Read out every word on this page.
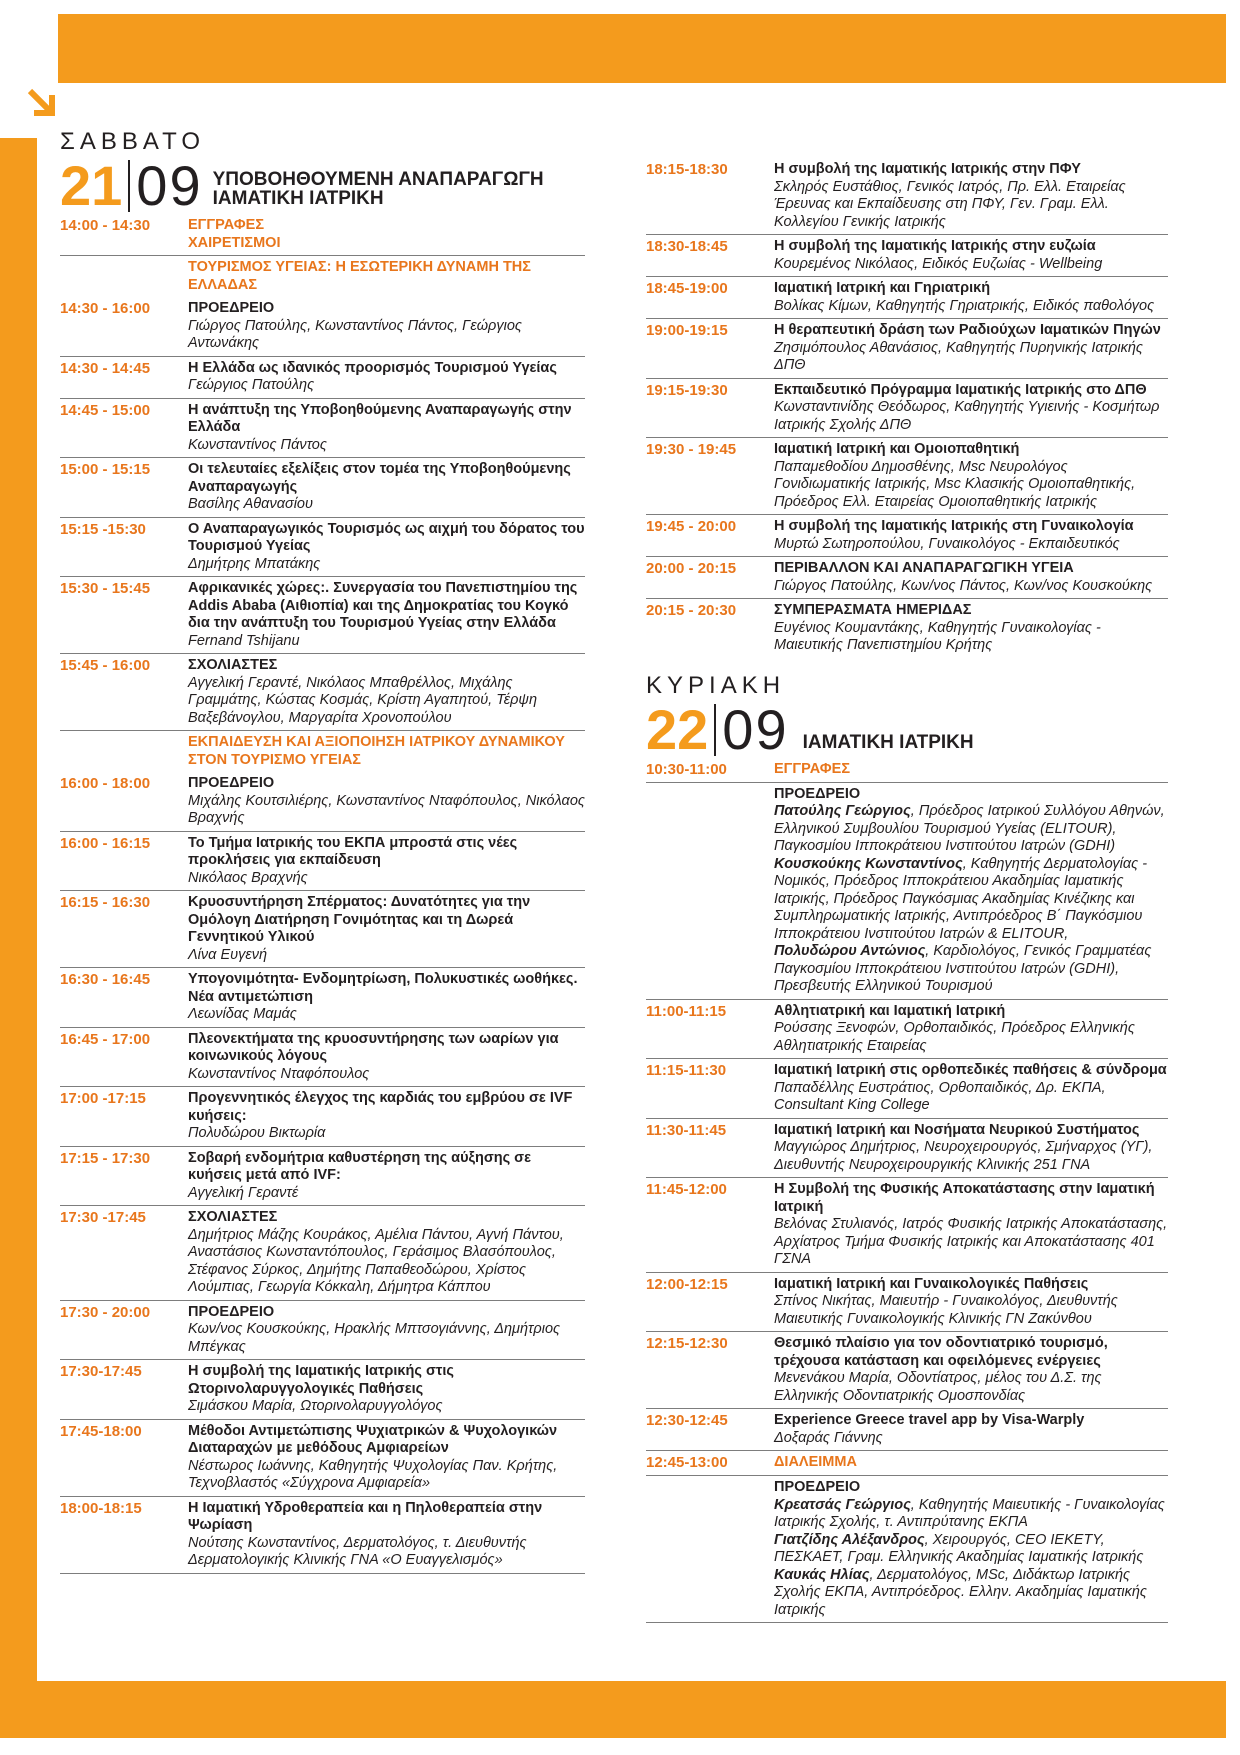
ΣΑΒΒΑΤΟ
21 09 ΥΠΟΒΟΗΘΟΥΜΕΝΗ ΑΝΑΠΑΡΑΓΩΓΗ
ΙΑΜΑΤΙΚΗ ΙΑΤΡΙΚΗ
14:00 - 14:30	ΕΓΓΡΑΦΕΣ
ΧΑΙΡΕΤΙΣΜΟΙ
ΤΟΥΡΙΣΜΟΣ ΥΓΕΙΑΣ: Η ΕΣΩΤΕΡΙΚΗ ΔΥΝΑΜΗ ΤΗΣ ΕΛΛΑΔΑΣ
14:30 - 16:00	ΠΡΟΕΔΡΕΙΟ
Γιώργος Πατούλης, Κωνσταντίνος Πάντος, Γεώργιος Αντωνάκης
14:30 - 14:45	Η Ελλάδα ως ιδανικός προορισμός Τουρισμού Υγείας
Γεώργιος Πατούλης
14:45 - 15:00	Η ανάπτυξη της Υποβοηθούμενης Αναπαραγωγής στην Ελλάδα
Κωνσταντίνος Πάντος
15:00 - 15:15	Οι τελευταίες εξελίξεις στον τομέα της Υποβοηθούμενης Αναπαραγωγής
Βασίλης Αθανασίου
15:15 -15:30	Ο Αναπαραγωγικός Τουρισμός ως αιχμή του δόρατος του Τουρισμού Υγείας
Δημήτρης Μπατάκης
15:30 - 15:45	Αφρικανικές χώρες:. Συνεργασία του Πανεπιστημίου της Addis Ababa (Αιθιοπία) και της Δημοκρατίας του Κογκό δια την ανάπτυξη του Τουρισμού Υγείας στην Ελλάδα
Fernand Tshijanu
15:45 - 16:00	ΣΧΟΛΙΑΣΤΕΣ
Αγγελική Γεραντέ, Νικόλαος Μπαθρέλλος, Μιχάλης Γραμμάτης, Κώστας Κοσμάς, Κρίστη Αγαπητού, Τέρψη Βαξεβάνογλου, Μαργαρίτα Χρονοπούλου
ΕΚΠΑΙΔΕΥΣΗ ΚΑΙ ΑΞΙΟΠΟΙΗΣΗ ΙΑΤΡΙΚΟΥ ΔΥΝΑΜΙΚΟΥ ΣΤΟΝ ΤΟΥΡΙΣΜΟ ΥΓΕΙΑΣ
16:00 - 18:00	ΠΡΟΕΔΡΕΙΟ
Μιχάλης Κουτσιλιέρης, Κωνσταντίνος Νταφόπουλος, Νικόλαος Βραχνής
16:00 - 16:15	Το Τμήμα Ιατρικής του ΕΚΠΑ μπροστά στις νέες προκλήσεις για εκπαίδευση
Νικόλαος Βραχνής
16:15 - 16:30	Κρυοσυντήρηση Σπέρματος: Δυνατότητες για την Ομόλογη Διατήρηση Γονιμότητας και τη Δωρεά Γεννητικού Υλικού
Λίνα Ευγενή
16:30 - 16:45	Υπογονιμότητα- Ενδομητρίωση, Πολυκυστικές ωοθήκες. Νέα αντιμετώπιση
Λεωνίδας Μαμάς
16:45 - 17:00	Πλεονεκτήματα της κρυοσυντήρησης των ωαρίων για κοινωνικούς λόγους
Κωνσταντίνος Νταφόπουλος
17:00 -17:15	Προγεννητικός έλεγχος της καρδιάς του εμβρύου σε IVF κυήσεις:
Πολυδώρου Βικτωρία
17:15 - 17:30	Σοβαρή ενδομήτρια καθυστέρηση της αύξησης σε κυήσεις μετά από IVF:
Αγγελική Γεραντέ
17:30 -17:45	ΣΧΟΛΙΑΣΤΕΣ
Δημήτριος Μάζης Κουράκος, Αμέλια Πάντου, Αγνή Πάντου, Αναστάσιος Κωνσταντόπουλος, Γεράσιμος Βλασόπουλος, Στέφανος Σύρκος, Δημήτης Παπαθεοδώρου, Χρίστος Λούμπιας, Γεωργία Κόκκαλη, Δήμητρα Κάππου
17:30 - 20:00	ΠΡΟΕΔΡΕΙΟ
Κων/νος Κουσκούκης, Ηρακλής Μπτσογιάννης, Δημήτριος Μπέγκας
17:30-17:45	Η συμβολή της Ιαματικής Ιατρικής στις Ωτορινολαρυγγολογικές Παθήσεις
Σιμάσκου Μαρία, Ωτορινολαρυγγολόγος
17:45-18:00	Μέθοδοι Αντιμετώπισης Ψυχιατρικών & Ψυχολογικών Διαταραχών με μεθόδους Αμφιαρείων
Νέστωρος Ιωάννης, Καθηγητής Ψυχολογίας Παν. Κρήτης, Τεχνοβλαστός «Σύγχρονα Αμφιαρεία»
18:00-18:15	Η Ιαματική Υδροθεραπεία και η Πηλοθεραπεία στην Ψωρίαση
Νούτσης Κωνσταντίνος, Δερματολόγος, τ. Διευθυντής Δερματολογικής Κλινικής ΓΝΑ «Ο Ευαγγελισμός»
18:15-18:30	Η συμβολή της Ιαματικής Ιατρικής στην ΠΦΥ
Σκληρός Ευστάθιος, Γενικός Ιατρός, Πρ. Ελλ. Εταιρείας Έρευνας και Εκπαίδευσης στη ΠΦΥ, Γεν. Γραμ. Ελλ. Κολλεγίου Γενικής Ιατρικής
18:30-18:45	Η συμβολή της Ιαματικής Ιατρικής στην ευζωία
Κουρεμένος Νικόλαος, Ειδικός Ευζωίας - Wellbeing
18:45-19:00	Ιαματική Ιατρική και Γηριατρική
Βολίκας Κίμων, Καθηγητής Γηριατρικής, Ειδικός παθολόγος
19:00-19:15	Η θεραπευτική δράση των Ραδιούχων Ιαματικών Πηγών
Ζησιμόπουλος Αθανάσιος, Καθηγητής Πυρηνικής Ιατρικής ΔΠΘ
19:15-19:30	Εκπαιδευτικό Πρόγραμμα Ιαματικής Ιατρικής στο ΔΠΘ
Κωνσταντινίδης Θεόδωρος, Καθηγητής Υγιεινής - Κοσμήτωρ Ιατρικής Σχολής ΔΠΘ
19:30 - 19:45	Ιαματική Ιατρική και Ομοιοπαθητική
Παπαμεθοδίου Δημοσθένης, Msc Νευρολόγος Γονιδιωματικής Ιατρικής, Msc Κλασικής Ομοιοπαθητικής, Πρόεδρος Ελλ. Εταιρείας Ομοιοπαθητικής Ιατρικής
19:45 - 20:00	Η συμβολή της Ιαματικής Ιατρικής στη Γυναικολογία
Μυρτώ Σωτηροπούλου, Γυναικολόγος - Εκπαιδευτικός
20:00 - 20:15	ΠΕΡΙΒΑΛΛΟΝ ΚΑΙ ΑΝΑΠΑΡΑΓΩΓΙΚΗ ΥΓΕΙΑ
Γιώργος Πατούλης, Κων/νος Πάντος, Κων/νος Κουσκούκης
20:15 - 20:30	ΣΥΜΠΕΡΑΣΜΑΤΑ ΗΜΕΡΙΔΑΣ
Ευγένιος Κουμαντάκης, Καθηγητής Γυναικολογίας - Μαιευτικής Πανεπιστημίου Κρήτης
ΚΥΡΙΑΚΗ
22 09 ΙΑΜΑΤΙΚΗ ΙΑΤΡΙΚΗ
10:30-11:00	ΕΓΓΡΑΦΕΣ
ΠΡΟΕΔΡΕΙΟ
Πατούλης Γεώργιος, Πρόεδρος Ιατρικού Συλλόγου Αθηνών, Ελληνικού Συμβουλίου Τουρισμού Υγείας (ELITOUR), Παγκοσμίου Ιπποκράτειου Ινστιτούτου Ιατρών (GDHI)
Κουσκούκης Κωνσταντίνος, Καθηγητής Δερματολογίας - Νομικός, Πρόεδρος Ιπποκράτειου Ακαδημίας Ιαματικής Ιατρικής, Πρόεδρος Παγκόσμιας Ακαδημίας Κινέζικης και Συμπληρωματικής Ιατρικής, Αντιπρόεδρος Β΄ Παγκόσμιου Ιπποκράτειου Ινστιτούτου Ιατρών & ELITOUR,
Πολυδώρου Αντώνιος, Καρδιολόγος, Γενικός Γραμματέας Παγκοσμίου Ιπποκράτειου Ινστιτούτου Ιατρών (GDHI), Πρεσβευτής Ελληνικού Τουρισμού
11:00-11:15	Αθλητιατρική και Ιαματική Ιατρική
Ρούσσης Ξενοφών, Ορθοπαιδικός, Πρόεδρος Ελληνικής Αθλητιατρικής Εταιρείας
11:15-11:30	Ιαματική Ιατρική στις ορθοπεδικές παθήσεις & σύνδρομα
Παπαδέλλης Ευστράτιος, Ορθοπαιδικός, Δρ. ΕΚΠΑ, Consultant King College
11:30-11:45	Ιαματική Ιατρική και Νοσήματα Νευρικού Συστήματος
Μαγγιώρος Δημήτριος, Νευροχειρουργός, Σμήναρχος (ΥΓ), Διευθυντής Νευροχειρουργικής Κλινικής 251 ΓΝΑ
11:45-12:00	Η Συμβολή της Φυσικής Αποκατάστασης στην Ιαματική Ιατρική
Βελόνας Στυλιανός, Ιατρός Φυσικής Ιατρικής Αποκατάστασης, Αρχίατρος Τμήμα Φυσικής Ιατρικής και Αποκατάστασης 401 ΓΣΝΑ
12:00-12:15	Ιαματική Ιατρική και Γυναικολογικές Παθήσεις
Σπίνος Νικήτας, Μαιευτήρ - Γυναικολόγος, Διευθυντής Μαιευτικής Γυναικολογικής Κλινικής ΓΝ Ζακύνθου
12:15-12:30	Θεσμικό πλαίσιο για τον οδοντιατρικό τουρισμό, τρέχουσα κατάσταση και οφειλόμενες ενέργειες
Μενενάκου Μαρία, Οδοντίατρος, μέλος του Δ.Σ. της Ελληνικής Οδοντιατρικής Ομοσπονδίας
12:30-12:45	Experience Greece travel app by Visa-Warply
Δοξαράς Γιάννης
12:45-13:00	ΔΙΑΛΕΙΜΜΑ
ΠΡΟΕΔΡΕΙΟ
Κρεατσάς Γεώργιος, Καθηγητής Μαιευτικής - Γυναικολογίας Ιατρικής Σχολής, τ. Αντιπρύτανης ΕΚΠΑ
Γιατζίδης Αλέξανδρος, Χειρουργός, CEO IEKETY, ΠΕΣΚΑΕΤ, Γραμ. Ελληνικής Ακαδημίας Ιαματικής Ιατρικής
Καυκάς Ηλίας, Δερματολόγος, MSc, Διδάκτωρ Ιατρικής Σχολής ΕΚΠΑ, Αντιπρόεδρος. Ελλην. Ακαδημίας Ιαματικής Ιατρικής
